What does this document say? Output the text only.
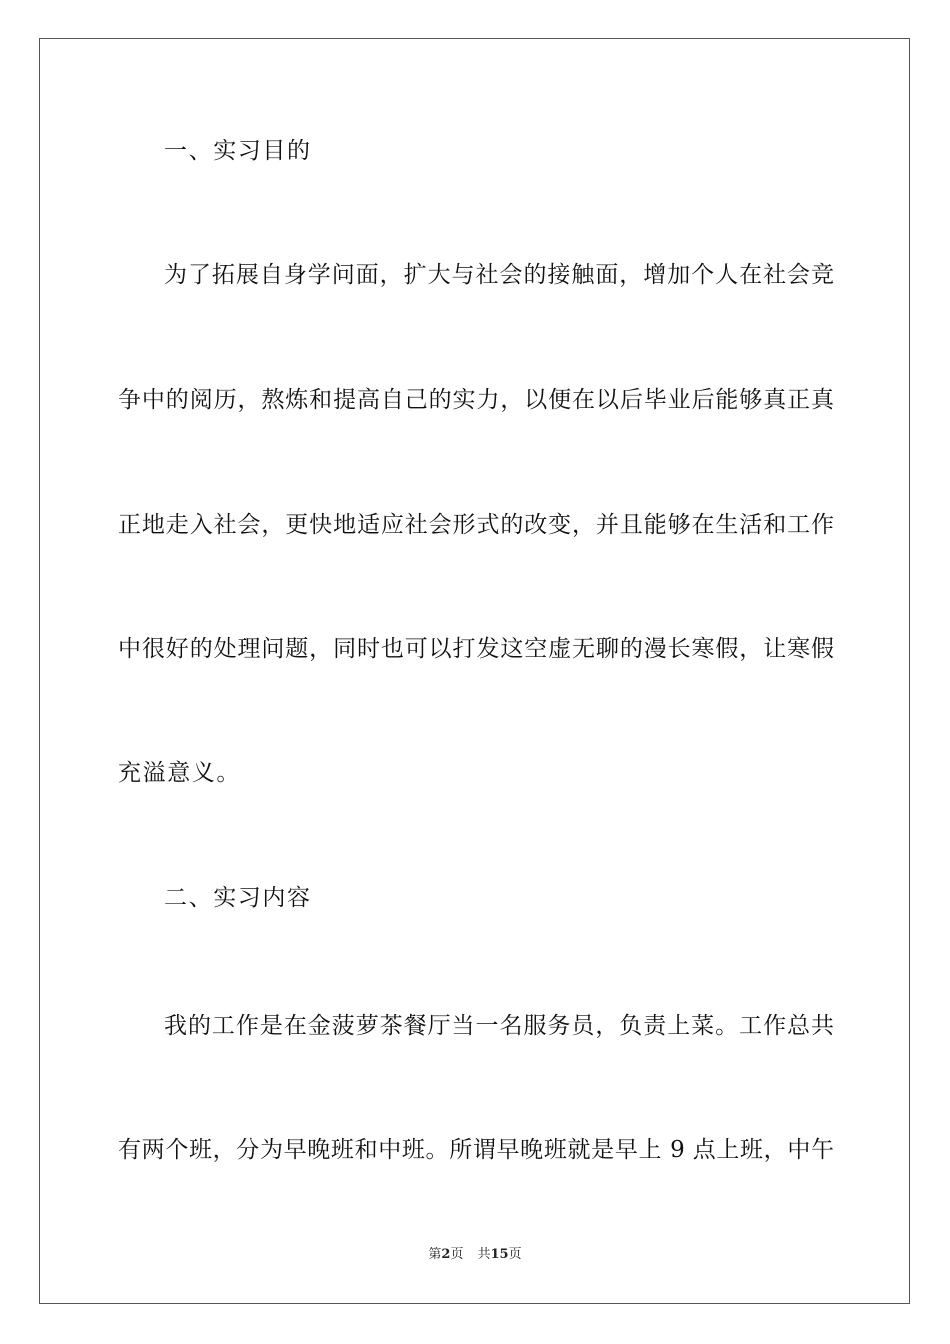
一、实习目的
为了拓展自身学问面，扩大与社会的接触面，增加个人在社会竞
争中的阅历，熬炼和提高自己的实力，以便在以后毕业后能够真正真
正地走入社会，更快地适应社会形式的改变，并且能够在生活和工作
中很好的处理问题，同时也可以打发这空虚无聊的漫长寒假，让寒假
充溢意义。
二、实习内容
我的工作是在金菠萝茶餐厅当一名服务员，负责上菜。工作总共
有两个班，分为早晚班和中班。所谓早晚班就是早上 9 点上班，中午
第2页 共15页
